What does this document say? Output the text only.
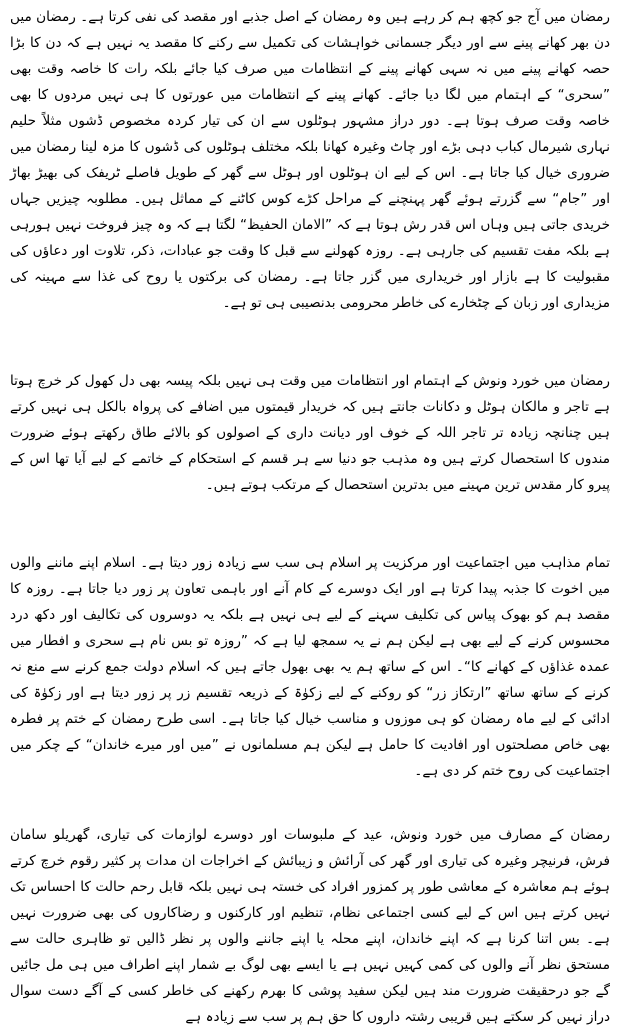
رمضان میں آج جو کچھ ہم کر رہے ہیں وہ رمضان کے اصل جذبے اور مقصد کی نفی کرتا ہے۔ رمضان میں دن بھر کھانے پینے سے اور دیگر جسمانی خواہشات کی تکمیل سے رکنے کا مقصد یہ نہیں ہے کہ دن کا بڑا حصہ کھانے پینے میں نہ سہی کھانے پینے کے انتظامات میں صرف کیا جائے بلکہ رات کا خاصہ وقت بھی ”سحری“ کے اہتمام میں لگا دیا جائے۔ کھانے پینے کے انتظامات میں عورتوں کا ہی نہیں مردوں کا بھی خاصہ وقت صرف ہوتا ہے۔ دور دراز مشہور ہوٹلوں سے ان کی تیار کردہ مخصوص ڈشوں مثلاً حلیم نہاری شیرمال کباب دہی بڑے اور چاٹ وغیرہ کھانا بلکہ مختلف ہوٹلوں کی ڈشوں کا مزہ لینا رمضان میں ضروری خیال کیا جاتا ہے۔ اس کے لیے ان ہوٹلوں اور ہوٹل سے گھر کے طویل فاصلے ٹریفک کی بھیڑ بھاڑ اور ”جام“ سے گزرتے ہوئے گھر پہنچنے کے مراحل کڑے کوس کاٹنے کے مماثل ہیں۔ مطلوبہ چیزیں جہاں خریدی جاتی ہیں وہاں اس قدر رش ہوتا ہے کہ ”الامان الحفیظ“ لگتا ہے کہ وہ چیز فروخت نہیں ہورہی ہے بلکہ مفت تقسیم کی جارہی ہے۔ روزہ کھولنے سے قبل کا وقت جو عبادات، ذکر، تلاوت اور دعاؤں کی مقبولیت کا ہے بازار اور خریداری میں گزر جاتا ہے۔ رمضان کی برکتوں یا روح کی غذا سے مہینہ کی مزیداری اور زبان کے چٹخارے کی خاطر محرومی بدنصیبی ہی تو ہے۔

رمضان میں خورد ونوش کے اہتمام اور انتظامات میں وقت ہی نہیں بلکہ پیسہ بھی دل کھول کر خرچ ہوتا ہے تاجر و مالکان ہوٹل و دکانات جانتے ہیں کہ خریدار قیمتوں میں اضافے کی پرواہ بالکل ہی نہیں کرتے ہیں چنانچہ زیادہ تر تاجر اللہ کے خوف اور دیانت داری کے اصولوں کو بالائے طاق رکھتے ہوئے ضرورت مندوں کا استحصال کرتے ہیں وہ مذہب جو دنیا سے ہر قسم کے استحکام کے خاتمے کے لیے آیا تھا اس کے پیرو کار مقدس ترین مہینے میں بدترین استحصال کے مرتکب ہوتے ہیں۔

تمام مذاہب میں اجتماعیت اور مرکزیت پر اسلام ہی سب سے زیادہ زور دیتا ہے۔ اسلام اپنے ماننے والوں میں اخوت کا جذبہ پیدا کرتا ہے اور ایک دوسرے کے کام آنے اور باہمی تعاون پر زور دیا جاتا ہے۔ روزہ کا مقصد ہم کو بھوک پیاس کی تکلیف سہنے کے لیے ہی نہیں ہے بلکہ یہ دوسروں کی تکالیف اور دکھ درد محسوس کرنے کے لیے بھی ہے لیکن ہم نے یہ سمجھ لیا ہے کہ ”روزہ تو بس نام ہے سحری و افطار میں عمدہ غذاؤں کے کھانے کا“۔ اس کے ساتھ ہم یہ بھی بھول جاتے ہیں کہ اسلام دولت جمع کرنے سے منع نہ کرنے کے ساتھ ساتھ ”ارتکاز زر“ کو روکنے کے لیے زکوٰۃ کے ذریعہ تقسیم زر پر زور دیتا ہے اور زکوٰۃ کی ادائی کے لیے ماہ رمضان کو ہی موزوں و مناسب خیال کیا جاتا ہے۔ اسی طرح رمضان کے ختم پر فطرہ بھی خاص مصلحتوں اور افادیت کا حامل ہے لیکن ہم مسلمانوں نے ”میں اور میرے خاندان“ کے چکر میں اجتماعیت کی روح ختم کر دی ہے۔

رمضان کے مصارف میں خورد ونوش، عید کے ملبوسات اور دوسرے لوازمات کی تیاری، گھریلو سامان فرش، فرنیچر وغیرہ کی تیاری اور گھر کی آرائش و زیبائش کے اخراجات ان مدات پر کثیر رقوم خرچ کرتے ہوئے ہم معاشرہ کے معاشی طور پر کمزور افراد کی خستہ ہی نہیں بلکہ قابل رحم حالت کا احساس تک نہیں کرتے ہیں اس کے لیے کسی اجتماعی نظام، تنظیم اور کارکنوں و رضاکاروں کی بھی ضرورت نہیں ہے۔ بس اتنا کرنا ہے کہ اپنے خاندان، اپنے محلہ یا اپنے جاننے والوں پر نظر ڈالیں تو ظاہری حالت سے مستحق نظر آنے والوں کی کمی کہیں نہیں ہے یا ایسے بھی لوگ بے شمار اپنے اطراف میں ہی مل جائیں گے جو درحقیقت ضرورت مند ہیں لیکن سفید پوشی کا بھرم رکھنے کی خاطر کسی کے آگے دست سوال دراز نہیں کر سکتے ہیں قریبی رشتہ داروں کا حق ہم پر سب سے زیادہ ہے
